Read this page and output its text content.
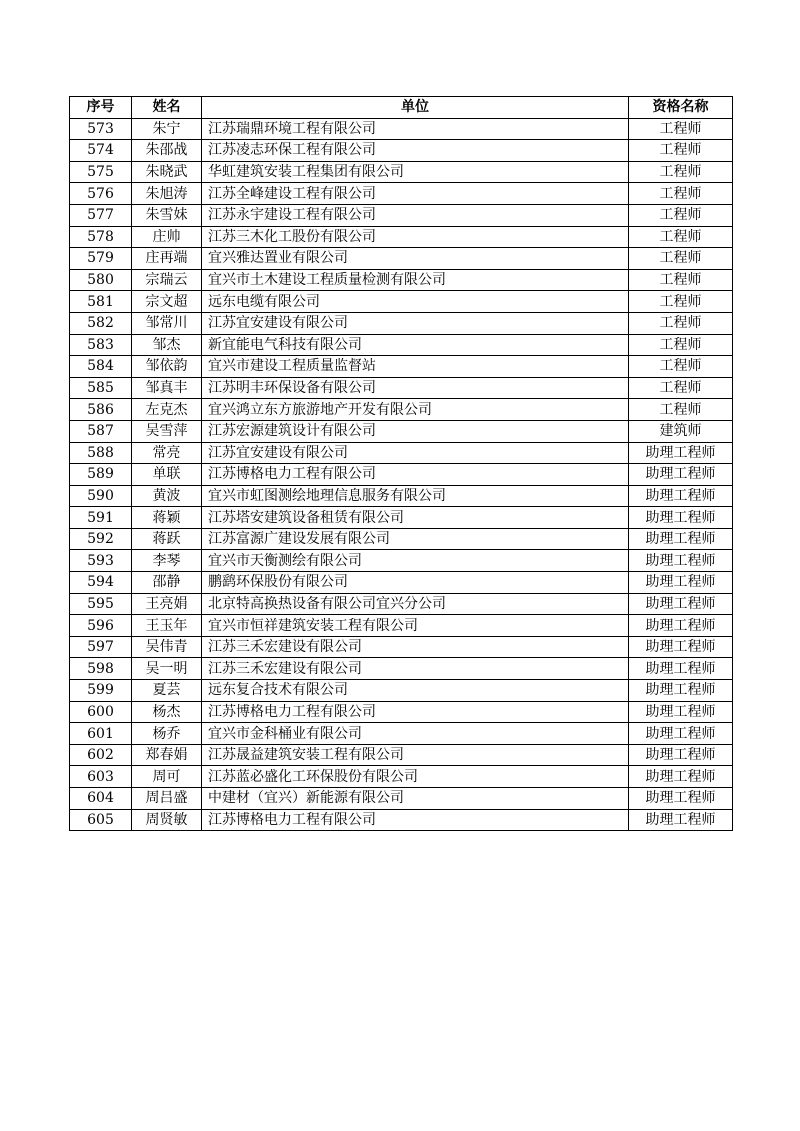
序号	姓名	单位	资格名称
573	朱宁	江苏瑞鼎环境工程有限公司	工程师
574	朱邵战	江苏凌志环保工程有限公司	工程师
575	朱晓武	华虹建筑安装工程集团有限公司	工程师
576	朱旭涛	江苏全峰建设工程有限公司	工程师
577	朱雪妹	江苏永宇建设工程有限公司	工程师
578	庄帅	江苏三木化工股份有限公司	工程师
579	庄再端	宜兴雅达置业有限公司	工程师
580	宗瑞云	宜兴市土木建设工程质量检测有限公司	工程师
581	宗文超	远东电缆有限公司	工程师
582	邹常川	江苏宜安建设有限公司	工程师
583	邹杰	新宜能电气科技有限公司	工程师
584	邹依韵	宜兴市建设工程质量监督站	工程师
585	邹真丰	江苏明丰环保设备有限公司	工程师
586	左克杰	宜兴鸿立东方旅游地产开发有限公司	工程师
587	吴雪萍	江苏宏源建筑设计有限公司	建筑师
588	常亮	江苏宜安建设有限公司	助理工程师
589	单联	江苏博格电力工程有限公司	助理工程师
590	黄波	宜兴市虹图测绘地理信息服务有限公司	助理工程师
591	蒋颖	江苏塔安建筑设备租赁有限公司	助理工程师
592	蒋跃	江苏富源广建设发展有限公司	助理工程师
593	李琴	宜兴市天衡测绘有限公司	助理工程师
594	邵静	鹏鹞环保股份有限公司	助理工程师
595	王亮娟	北京特高换热设备有限公司宜兴分公司	助理工程师
596	王玉年	宜兴市恒祥建筑安装工程有限公司	助理工程师
597	吴伟青	江苏三禾宏建设有限公司	助理工程师
598	吴一明	江苏三禾宏建设有限公司	助理工程师
599	夏芸	远东复合技术有限公司	助理工程师
600	杨杰	江苏博格电力工程有限公司	助理工程师
601	杨乔	宜兴市金科桶业有限公司	助理工程师
602	郑春娟	江苏晟益建筑安装工程有限公司	助理工程师
603	周可	江苏蓝必盛化工环保股份有限公司	助理工程师
604	周吕盛	中建材（宜兴）新能源有限公司	助理工程师
605	周贤敏	江苏博格电力工程有限公司	助理工程师
